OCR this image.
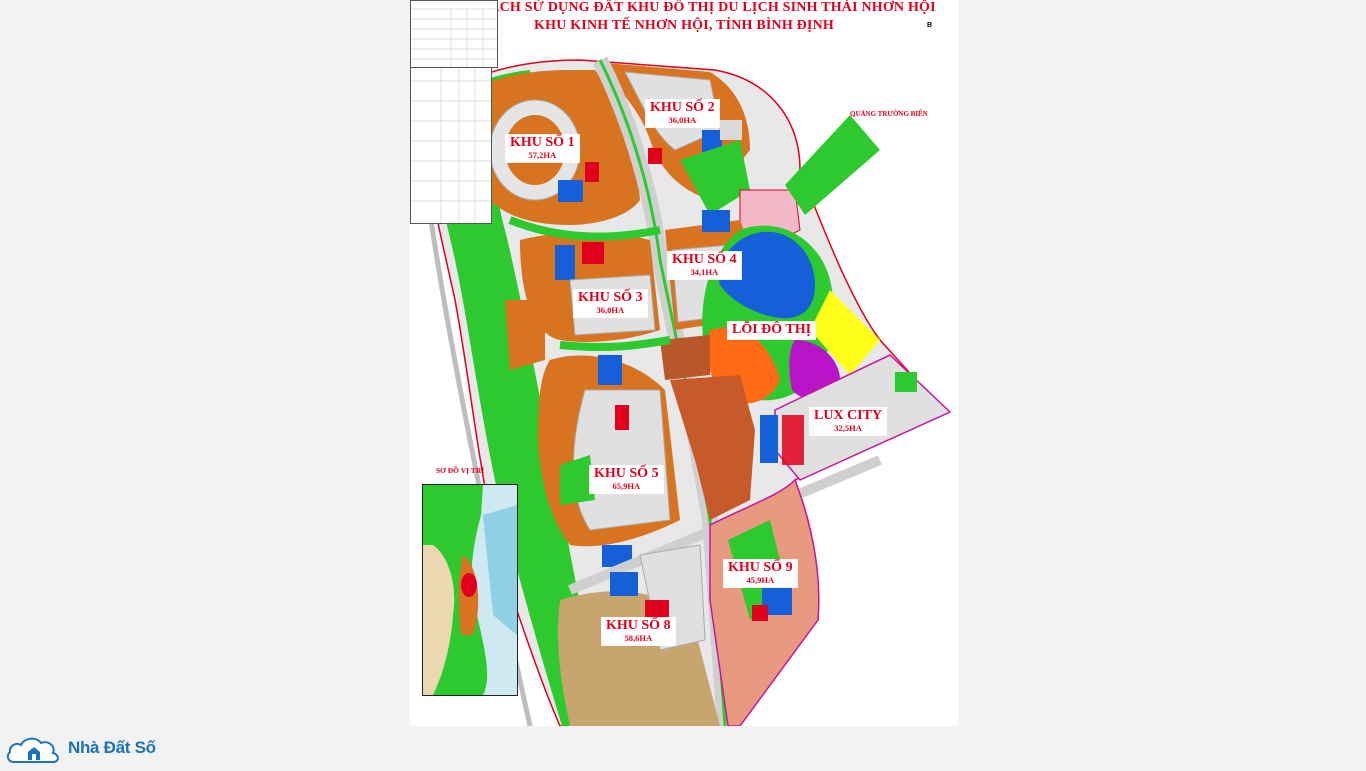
QUY HOẠCH SỬ DỤNG ĐẤT KHU ĐÔ THỊ DU LỊCH SINH THÁI NHƠN HỘI
KHU KINH TẾ NHƠN HỘI, TỈNH BÌNH ĐỊNH	B
QUẢNG TRƯỜNG BIỂN
KHU SỐ 1
57,2HA
KHU SỐ 2
36,0HA
KHU SỐ 3
36,0HA
KHU SỐ 4
34,1HA
LÕI ĐÔ THỊ
LUX CITY
32,5HA
KHU SỐ 5
65,9HA
KHU SỐ 9
45,9HA
KHU SỐ 8
58,6HA
SƠ ĐỒ VỊ TRÍ
Nhà Đất Số
